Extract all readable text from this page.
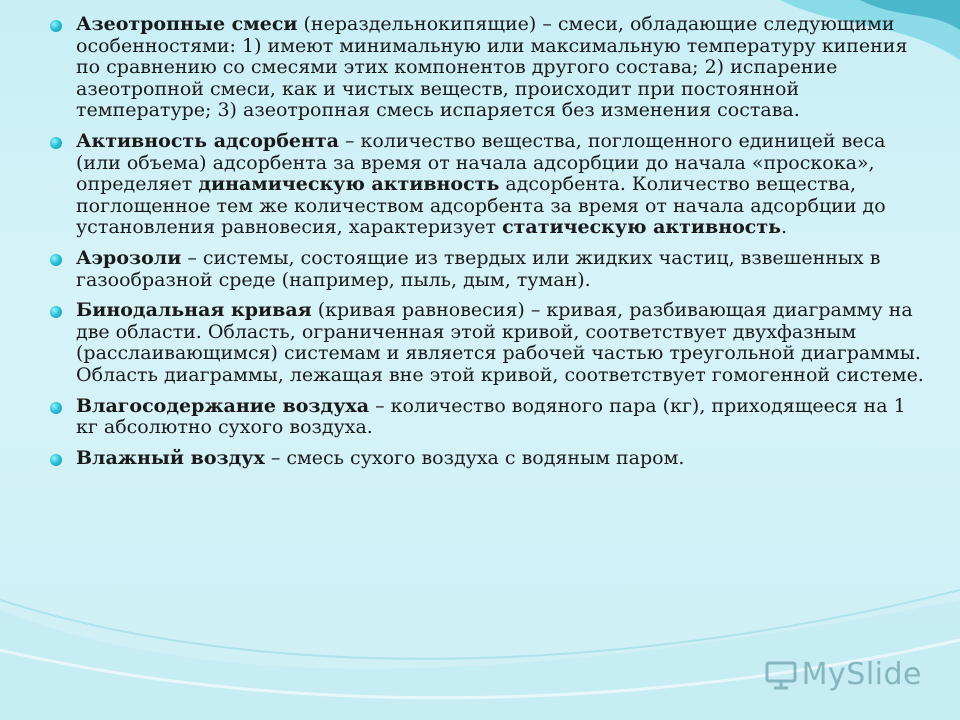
Азеотропные смеси (нераздельнокипящие) – смеси, обладающие следующими особенностями: 1) имеют минимальную или максимальную температуру кипения по сравнению со смесями этих компонентов другого состава; 2) испарение азеотропной смеси, как и чистых веществ, происходит при постоянной температуре; 3) азеотропная смесь испаряется без изменения состава.
Активность адсорбента – количество вещества, поглощенного единицей веса (или объема) адсорбента за время от начала адсорбции до начала «проскока», определяет динамическую активность адсорбента. Количество вещества, поглощенное тем же количеством адсорбента за время от начала адсорбции до установления равновесия, характеризует статическую активность.
Аэрозоли – системы, состоящие из твердых или жидких частиц, взвешенных в газообразной среде (например, пыль, дым, туман).
Бинодальная кривая (кривая равновесия) – кривая, разбивающая диаграмму на две области. Область, ограниченная этой кривой, соответствует двухфазным (расслаивающимся) системам и является рабочей частью треугольной диаграммы. Область диаграммы, лежащая вне этой кривой, соответствует гомогенной системе.
Влагосодержание воздуха – количество водяного пара (кг), приходящееся на 1 кг абсолютно сухого воздуха.
Влажный воздух – смесь сухого воздуха с водяным паром.
MySlide
